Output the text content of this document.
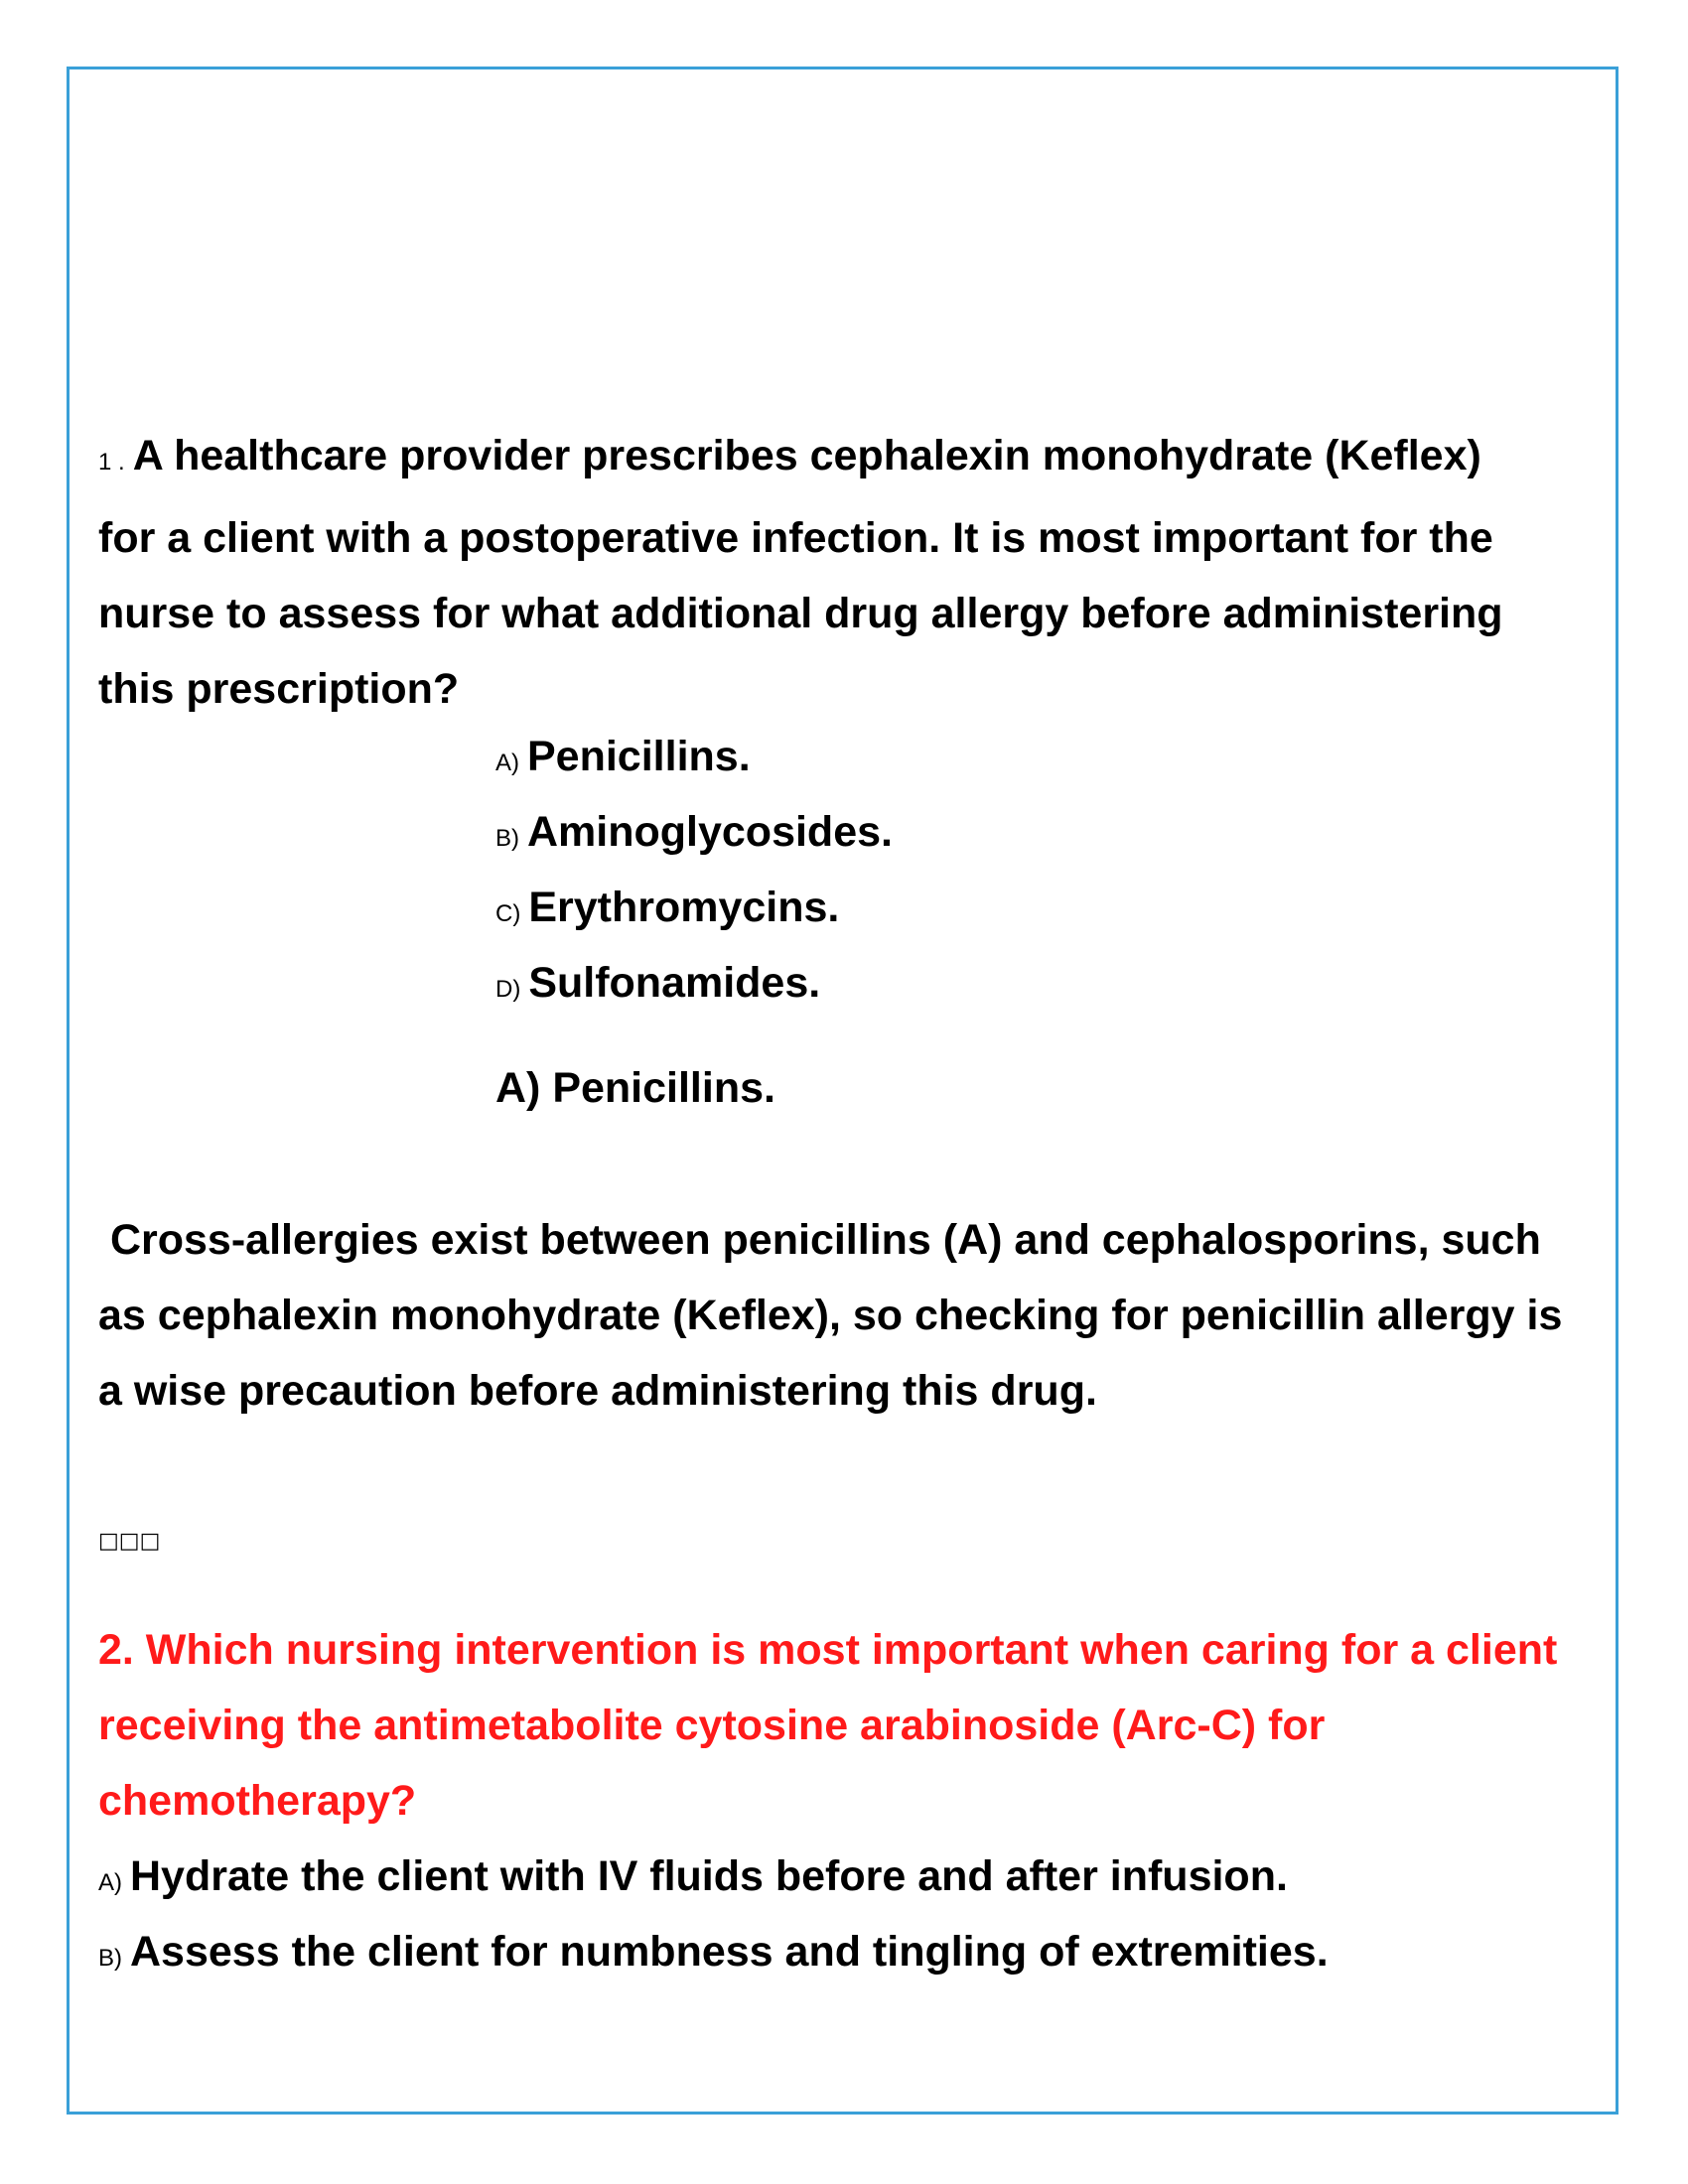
1 . A healthcare provider prescribes cephalexin monohydrate (Keflex) for a client with a postoperative infection. It is most important for the nurse to assess for what additional drug allergy before administering this prescription?

A) Penicillins.
B) Aminoglycosides.
C) Erythromycins.
D) Sulfonamides.

A) Penicillins.

Cross-allergies exist between penicillins (A) and cephalosporins, such as cephalexin monohydrate (Keflex), so checking for penicillin allergy is a wise precaution before administering this drug.

□□□

2. Which nursing intervention is most important when caring for a client receiving the antimetabolite cytosine arabinoside (Arc-C) for chemotherapy?

A) Hydrate the client with IV fluids before and after infusion.
B) Assess the client for numbness and tingling of extremities.
